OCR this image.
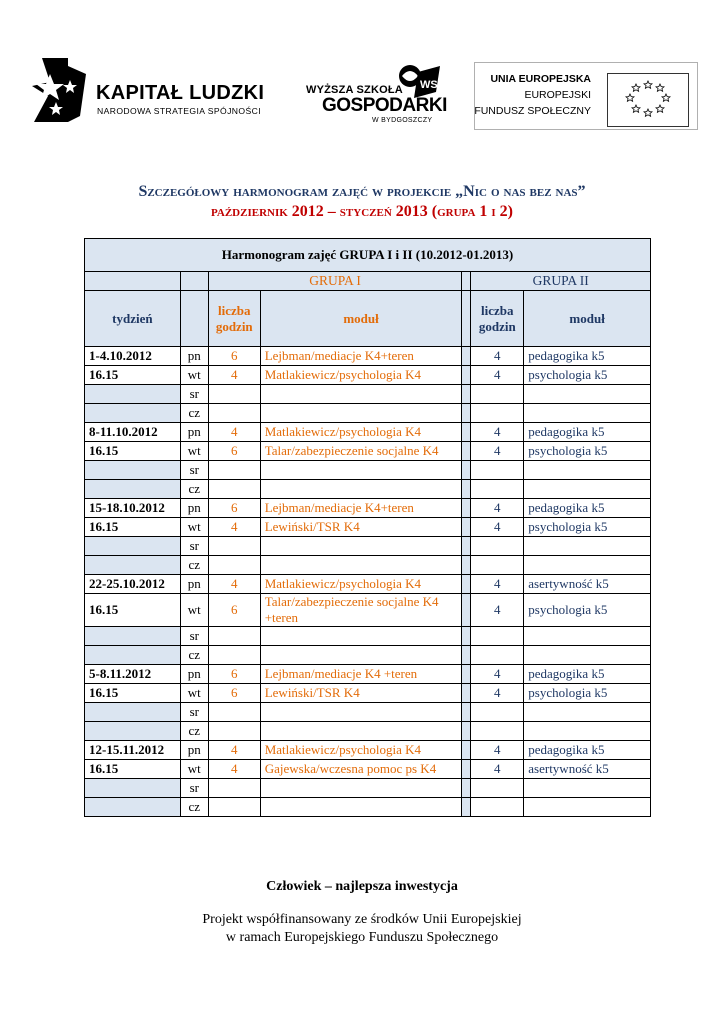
KAPITAŁ LUDZKI
NARODOWA STRATEGIA SPÓJNOŚCI
WSG
WYŻSZA SZKOŁA
GOSPODARKI
W BYDGOSZCZY
UNIA EUROPEJSKA
EUROPEJSKI
FUNDUSZ SPOŁECZNY
Szczegółowy harmonogram zajęć w projekcie „Nic o nas bez nas”
październik 2012 – styczeń 2013 (grupa 1 i 2)
Harmonogram zajęć GRUPA I i II (10.2012-01.2013)						
		GRUPA I			GRUPA II	
tydzień		liczba godzin	moduł		liczba godzin	moduł
1-4.10.2012	pn	6	Lejbman/mediacje K4+teren		4	pedagogika k5
16.15	wt	4	Matlakiewicz/psychologia K4		4	psychologia k5
	sr					
	cz					
8-11.10.2012	pn	4	Matlakiewicz/psychologia K4		4	pedagogika k5
16.15	wt	6	Talar/zabezpieczenie socjalne K4		4	psychologia k5
	sr					
	cz					
15-18.10.2012	pn	6	Lejbman/mediacje K4+teren		4	pedagogika k5
16.15	wt	4	Lewiński/TSR K4		4	psychologia k5
	sr					
	cz					
22-25.10.2012	pn	4	Matlakiewicz/psychologia K4		4	asertywność k5
16.15	wt	6	Talar/zabezpieczenie socjalne K4 +teren		4	psychologia k5
	sr					
	cz					
5-8.11.2012	pn	6	Lejbman/mediacje K4 +teren		4	pedagogika k5
16.15	wt	6	Lewiński/TSR K4		4	psychologia k5
	sr					
	cz					
12-15.11.2012	pn	4	Matlakiewicz/psychologia K4		4	pedagogika k5
16.15	wt	4	Gajewska/wczesna pomoc ps K4		4	asertywność k5
	sr					
	cz					
Człowiek – najlepsza inwestycja
Projekt współfinansowany ze środków Unii Europejskiej
w ramach Europejskiego Funduszu Społecznego
